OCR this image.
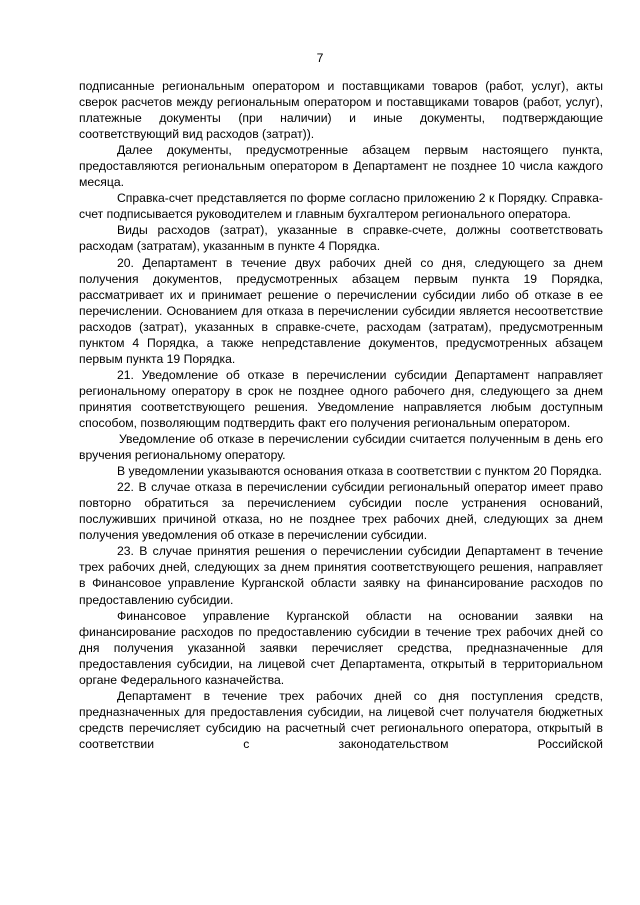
7

подписанные региональным оператором и поставщиками товаров (работ, услуг), акты сверок расчетов между региональным оператором и поставщиками товаров (работ, услуг), платежные документы (при наличии) и иные документы, подтверждающие соответствующий вид расходов (затрат)).

Далее документы, предусмотренные абзацем первым настоящего пункта, предоставляются региональным оператором в Департамент не позднее 10 числа каждого месяца.

Справка-счет представляется по форме согласно приложению 2 к Порядку. Справка-счет подписывается руководителем и главным бухгалтером регионального оператора.

Виды расходов (затрат), указанные в справке-счете, должны соответствовать расходам (затратам), указанным в пункте 4 Порядка.

20. Департамент в течение двух рабочих дней со дня, следующего за днем получения документов, предусмотренных абзацем первым пункта 19 Порядка, рассматривает их и принимает решение о перечислении субсидии либо об отказе в ее перечислении. Основанием для отказа в перечислении субсидии является несоответствие расходов (затрат), указанных в справке-счете, расходам (затратам), предусмотренным пунктом 4 Порядка, а также непредставление документов, предусмотренных абзацем первым пункта 19 Порядка.

21. Уведомление об отказе в перечислении субсидии Департамент направляет региональному оператору в срок не позднее одного рабочего дня, следующего за днем принятия соответствующего решения. Уведомление направляется любым доступным способом, позволяющим подтвердить факт его получения региональным оператором.

Уведомление об отказе в перечислении субсидии считается полученным в день его вручения региональному оператору.

В уведомлении указываются основания отказа в соответствии с пунктом 20 Порядка.

22. В случае отказа в перечислении субсидии региональный оператор имеет право повторно обратиться за перечислением субсидии после устранения оснований, послуживших причиной отказа, но не позднее трех рабочих дней, следующих за днем получения уведомления об отказе в перечислении субсидии.

23. В случае принятия решения о перечислении субсидии Департамент в течение трех рабочих дней, следующих за днем принятия соответствующего решения, направляет в Финансовое управление Курганской области заявку на финансирование расходов по предоставлению субсидии.

Финансовое управление Курганской области на основании заявки на финансирование расходов по предоставлению субсидии в течение трех рабочих дней со дня получения указанной заявки перечисляет средства, предназначенные для предоставления субсидии, на лицевой счет Департамента, открытый в территориальном органе Федерального казначейства.

Департамент в течение трех рабочих дней со дня поступления средств, предназначенных для предоставления субсидии, на лицевой счет получателя бюджетных средств перечисляет субсидию на расчетный счет регионального оператора, открытый в соответствии с законодательством Российской
